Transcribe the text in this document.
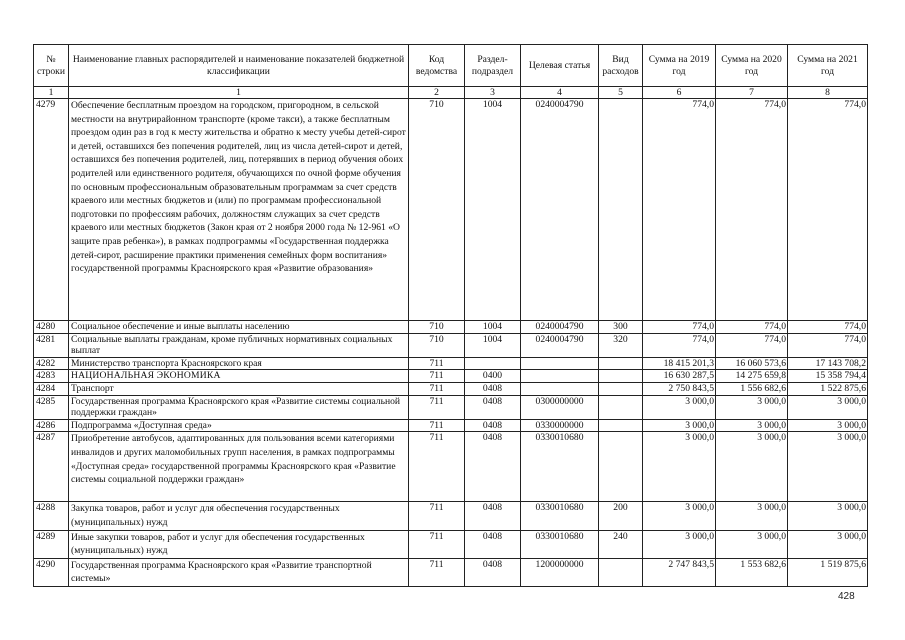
№ строки	Наименование главных распорядителей и наименование показателей бюджетной классификации	Код ведомства	Раздел-подраздел	Целевая статья	Вид расходов	Сумма на 2019 год	Сумма на 2020 год	Сумма на 2021 год
1	1	2	3	4	5	6	7	8
4279	Обеспечение бесплатным проездом на городском, пригородном, в сельской местности на внутрирайонном транспорте (кроме такси), а также бесплатным проездом один раз в год к месту жительства и обратно к месту учебы детей-сирот и детей, оставшихся без попечения родителей, лиц из числа детей-сирот и детей, оставшихся без попечения родителей, лиц, потерявших в период обучения обоих родителей или единственного родителя, обучающихся по очной форме обучения по основным профессиональным образовательным программам за счет средств краевого или местных бюджетов и (или) по программам профессиональной подготовки по профессиям рабочих, должностям служащих за счет средств краевого или местных бюджетов (Закон края от 2 ноября 2000 года № 12-961 «О защите прав ребенка»), в рамках подпрограммы «Государственная поддержка детей-сирот, расширение практики применения семейных форм воспитания» государственной программы Красноярского края «Развитие образования»	710	1004	0240004790		774,0	774,0	774,0
4280	Социальное обеспечение и иные выплаты населению	710	1004	0240004790	300	774,0	774,0	774,0
4281	Социальные выплаты гражданам, кроме публичных нормативных социальных выплат	710	1004	0240004790	320	774,0	774,0	774,0
4282	Министерство транспорта Красноярского края	711				18 415 201,3	16 060 573,6	17 143 708,2
4283	НАЦИОНАЛЬНАЯ ЭКОНОМИКА	711	0400			16 630 287,5	14 275 659,8	15 358 794,4
4284	Транспорт	711	0408			2 750 843,5	1 556 682,6	1 522 875,6
4285	Государственная программа Красноярского края «Развитие системы социальной поддержки граждан»	711	0408	0300000000		3 000,0	3 000,0	3 000,0
4286	Подпрограмма «Доступная среда»	711	0408	0330000000		3 000,0	3 000,0	3 000,0
4287	Приобретение автобусов, адаптированных для пользования всеми категориями инвалидов и других маломобильных групп населения, в рамках подпрограммы «Доступная среда» государственной программы Красноярского края «Развитие системы социальной поддержки граждан»	711	0408	0330010680		3 000,0	3 000,0	3 000,0
4288	Закупка товаров, работ и услуг для обеспечения государственных (муниципальных) нужд	711	0408	0330010680	200	3 000,0	3 000,0	3 000,0
4289	Иные закупки товаров, работ и услуг для обеспечения государственных (муниципальных) нужд	711	0408	0330010680	240	3 000,0	3 000,0	3 000,0
4290	Государственная программа Красноярского края «Развитие транспортной системы»	711	0408	1200000000		2 747 843,5	1 553 682,6	1 519 875,6
428
